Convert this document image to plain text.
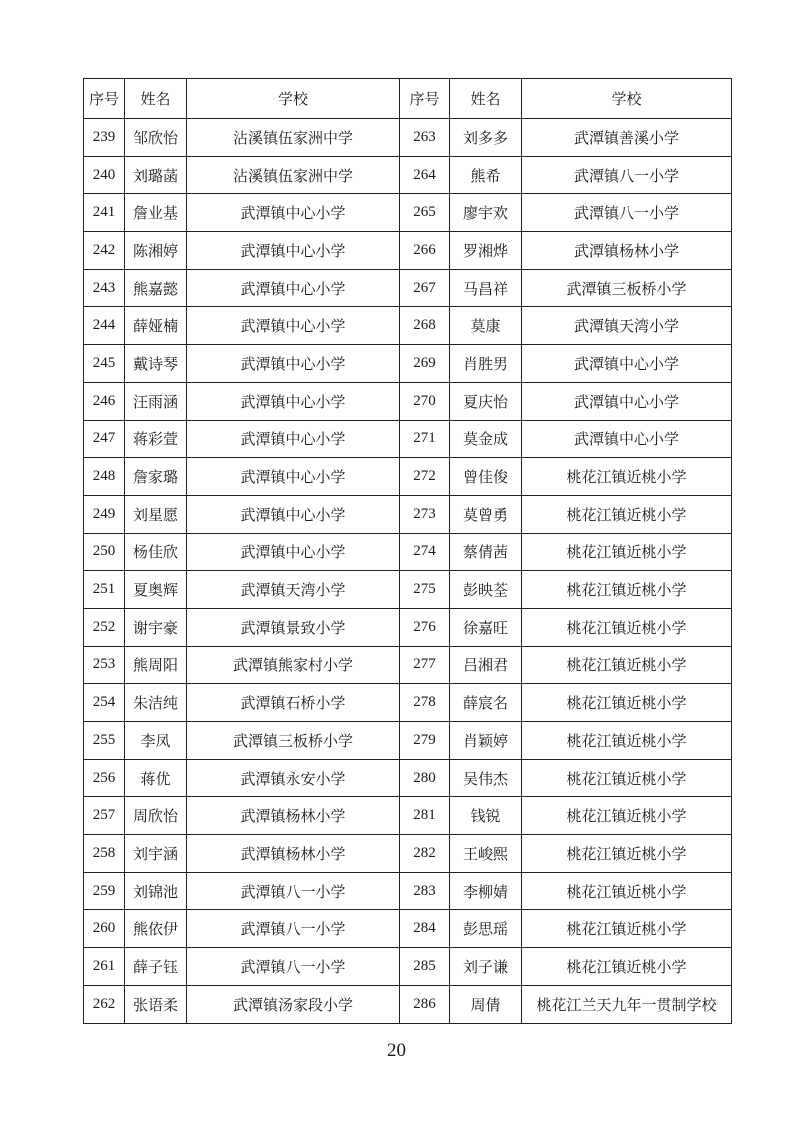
序号	姓名	学校	序号	姓名	学校
239	邹欣怡	沾溪镇伍家洲中学	263	刘多多	武潭镇善溪小学
240	刘璐菡	沾溪镇伍家洲中学	264	熊希	武潭镇八一小学
241	詹业基	武潭镇中心小学	265	廖宇欢	武潭镇八一小学
242	陈湘婷	武潭镇中心小学	266	罗湘烨	武潭镇杨林小学
243	熊嘉懿	武潭镇中心小学	267	马昌祥	武潭镇三板桥小学
244	薛娅楠	武潭镇中心小学	268	莫康	武潭镇天湾小学
245	戴诗琴	武潭镇中心小学	269	肖胜男	武潭镇中心小学
246	汪雨涵	武潭镇中心小学	270	夏庆怡	武潭镇中心小学
247	蒋彩萱	武潭镇中心小学	271	莫金成	武潭镇中心小学
248	詹家璐	武潭镇中心小学	272	曾佳俊	桃花江镇近桃小学
249	刘星愿	武潭镇中心小学	273	莫曾勇	桃花江镇近桃小学
250	杨佳欣	武潭镇中心小学	274	蔡倩茜	桃花江镇近桃小学
251	夏奥辉	武潭镇天湾小学	275	彭映荃	桃花江镇近桃小学
252	谢宇豪	武潭镇景致小学	276	徐嘉旺	桃花江镇近桃小学
253	熊周阳	武潭镇熊家村小学	277	吕湘君	桃花江镇近桃小学
254	朱洁纯	武潭镇石桥小学	278	薛宸名	桃花江镇近桃小学
255	李凤	武潭镇三板桥小学	279	肖颖婷	桃花江镇近桃小学
256	蒋优	武潭镇永安小学	280	吴伟杰	桃花江镇近桃小学
257	周欣怡	武潭镇杨林小学	281	钱锐	桃花江镇近桃小学
258	刘宇涵	武潭镇杨林小学	282	王峻熙	桃花江镇近桃小学
259	刘锦池	武潭镇八一小学	283	李柳婧	桃花江镇近桃小学
260	熊依伊	武潭镇八一小学	284	彭思瑶	桃花江镇近桃小学
261	薛子钰	武潭镇八一小学	285	刘子谦	桃花江镇近桃小学
262	张语柔	武潭镇汤家段小学	286	周倩	桃花江兰天九年一贯制学校
20
